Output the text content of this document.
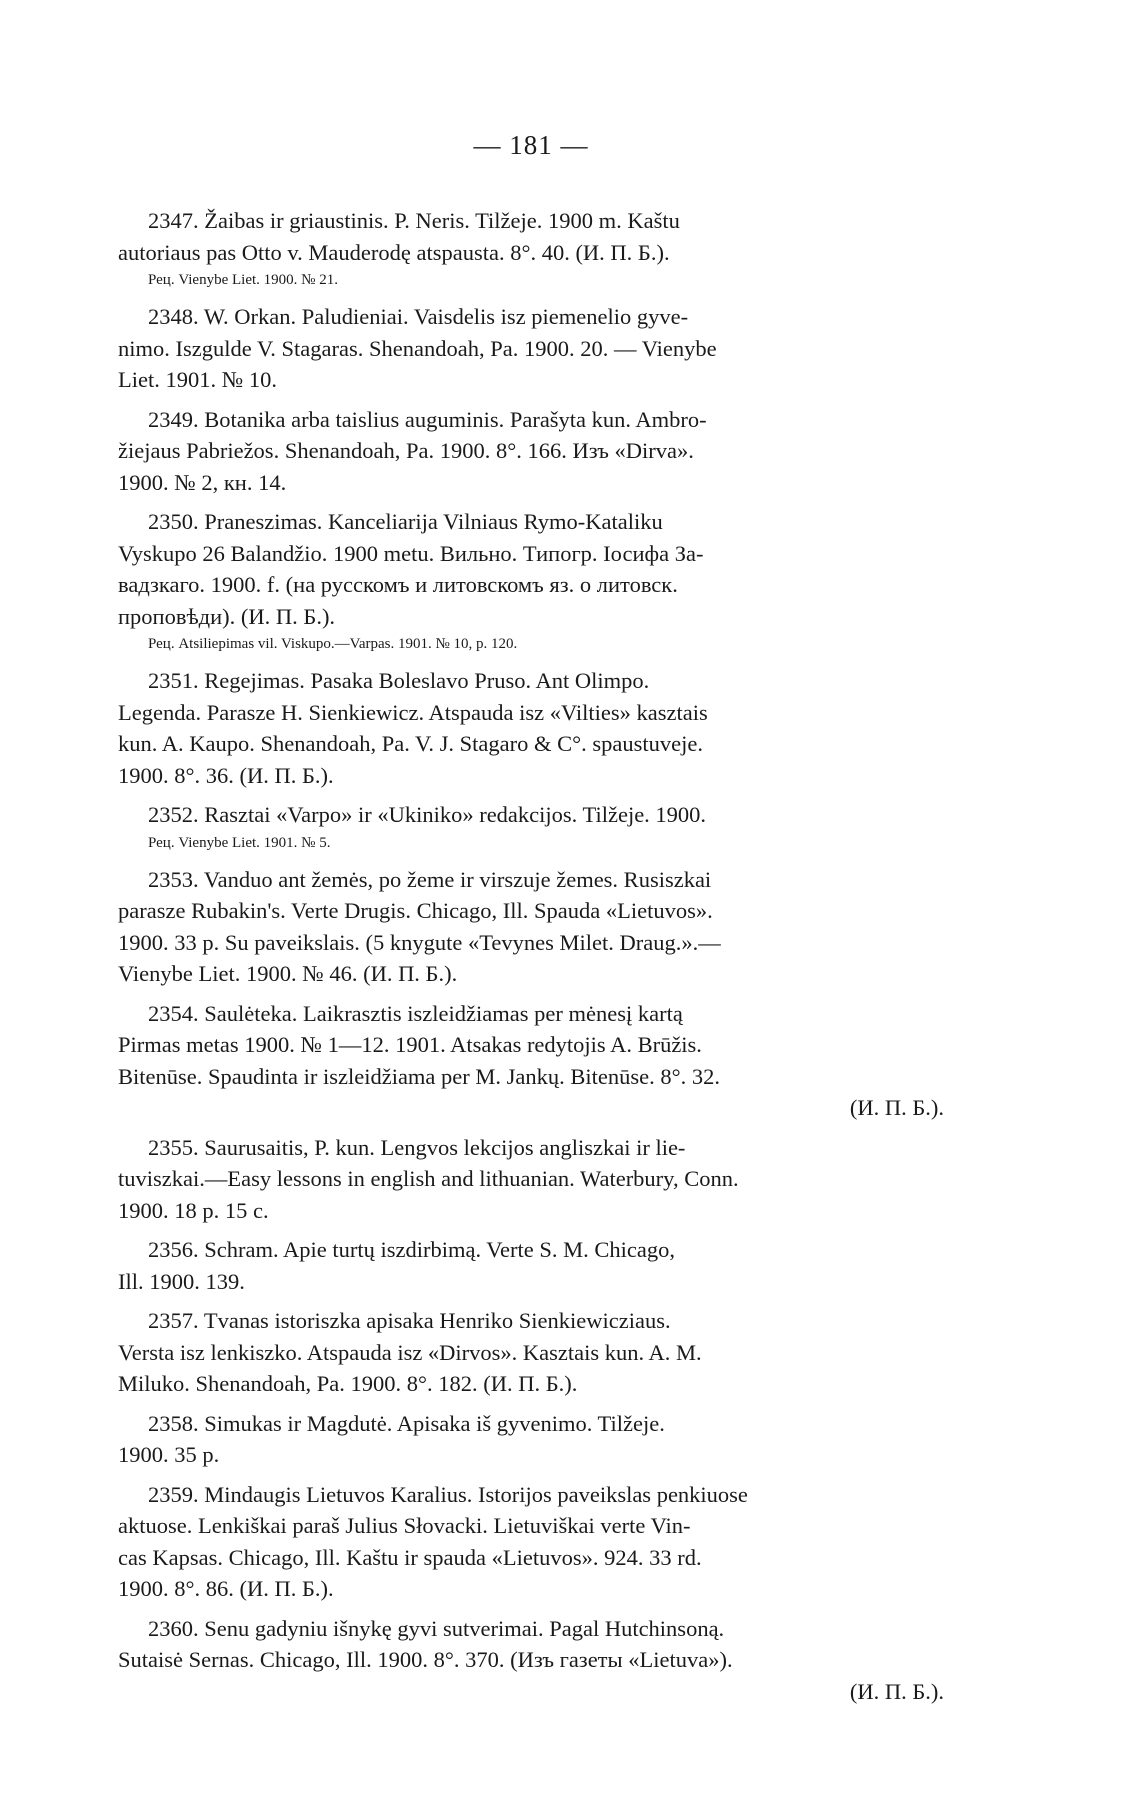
— 181 —
2347. Žaibas ir griaustinis. P. Neris. Tilžeje. 1900 m. Kaštu
autoriaus pas Otto v. Mauderodę atspausta. 8°. 40. (И. П. Б.).
Рец. Vienybe Liet. 1900. № 21.
2348. W. Orkan. Paludieniai. Vaisdelis isz piemenelio gyve-
nimo. Iszgulde V. Stagaras. Shenandoah, Pa. 1900. 20. — Vienybe
Liet. 1901. № 10.
2349. Botanika arba taislius auguminis. Parašyta kun. Ambro-
žiejaus Pabriežos. Shenandoah, Pa. 1900. 8°. 166. Изъ «Dirva».
1900. № 2, кн. 14.
2350. Praneszimas. Kanceliarija Vilniaus Rymo-Kataliku
Vyskupo 26 Balandžio. 1900 metu. Вильно. Типогр. Іосифа За-
вадзкаго. 1900. f. (на русскомъ и литовскомъ яз. о литовск.
проповѣди). (И. П. Б.).
Рец. Atsiliepimas vil. Viskupo.—Varpas. 1901. № 10, p. 120.
2351. Regejimas. Pasaka Boleslavo Pruso. Ant Olimpo.
Legenda. Parasze H. Sienkiewicz. Atspauda isz «Vilties» kasztais
kun. A. Kaupo. Shenandoah, Pa. V. J. Stagaro & C°. spaustuveje.
1900. 8°. 36. (И. П. Б.).
2352. Rasztai «Varpo» ir «Ukiniko» redakcijos. Tilžeje. 1900.
Рец. Vienybe Liet. 1901. № 5.
2353. Vanduo ant žemės, po žeme ir virszuje žemes. Rusiszkai
parasze Rubakin's. Verte Drugis. Chicago, Ill. Spauda «Lietuvos».
1900. 33 p. Su paveikslais. (5 knygute «Tevynes Milet. Draug.».—
Vienybe Liet. 1900. № 46. (И. П. Б.).
2354. Saulėteka. Laikrasztis iszleidžiamas per mėnesį kartą
Pirmas metas 1900. № 1—12. 1901. Atsakas redytojis A. Brūžis.
Bitenūse. Spaudinta ir iszleidžiama per M. Jankų. Bitenūse. 8°. 32.
(И. П. Б.).
2355. Saurusaitis, P. kun. Lengvos lekcijos angliszkai ir lie-
tuviszkai.—Easy lessons in english and lithuanian. Waterbury, Conn.
1900. 18 p. 15 c.
2356. Schram. Apie turtų iszdirbimą. Verte S. M. Chicago,
Ill. 1900. 139.
2357. Tvanas istoriszka apisaka Henriko Sienkiewicziaus.
Versta isz lenkiszko. Atspauda isz «Dirvos». Kasztais kun. A. M.
Miluko. Shenandoah, Pa. 1900. 8°. 182. (И. П. Б.).
2358. Simukas ir Magdutė. Apisaka iš gyvenimo. Tilžeje.
1900. 35 p.
2359. Mindaugis Lietuvos Karalius. Istorijos paveikslas penkiuose
aktuose. Lenkiškai paraš Julius Słovacki. Lietuviškai verte Vin-
cas Kapsas. Chicago, Ill. Kaštu ir spauda «Lietuvos». 924. 33 rd.
1900. 8°. 86. (И. П. Б.).
2360. Senu gadyniu išnykę gyvi sutverimai. Pagal Hutchinsoną.
Sutaisė Sernas. Chicago, Ill. 1900. 8°. 370. (Изъ газеты «Lietuva»).
(И. П. Б.).
